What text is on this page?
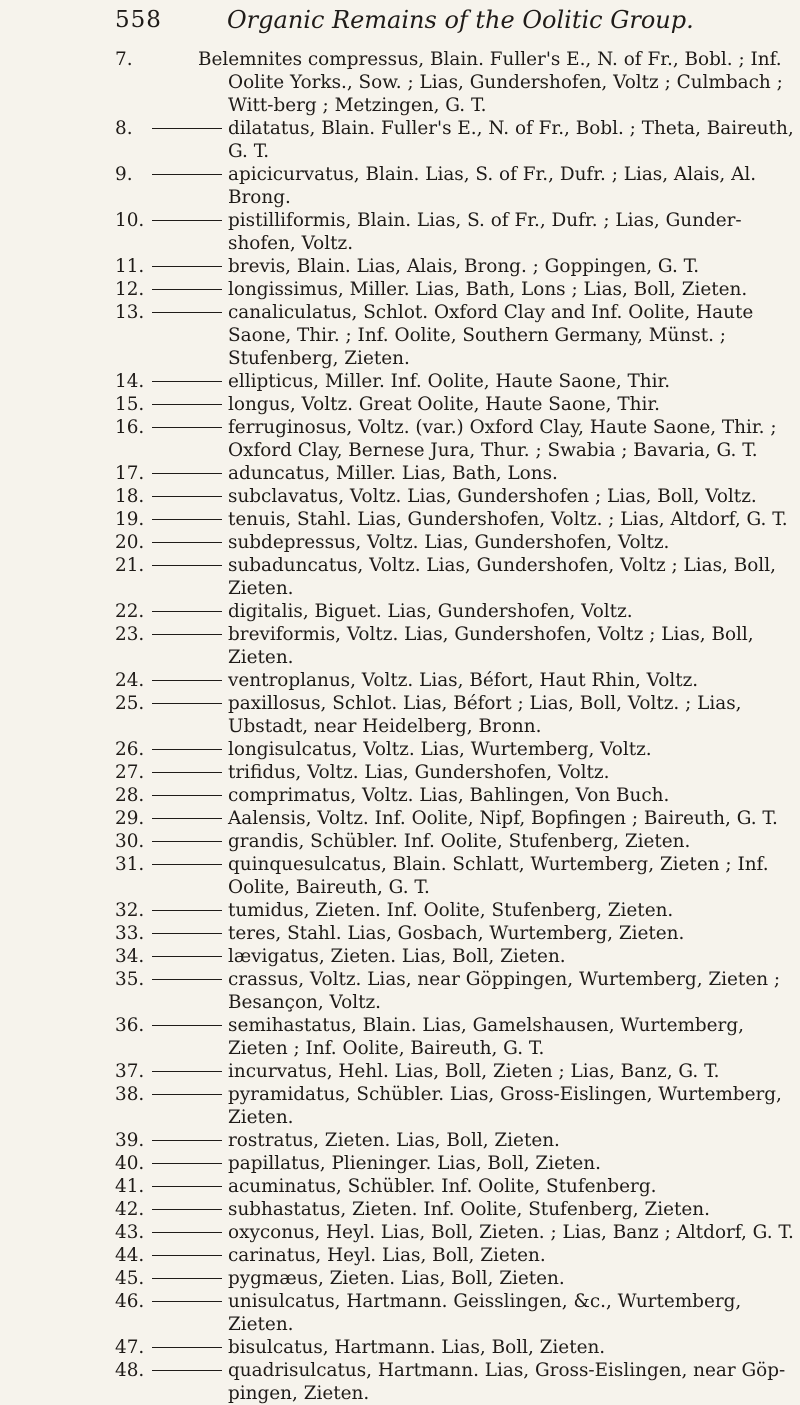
558	Organic Remains of the Oolitic Group.
7.	Belemnites compressus, Blain. Fuller's E., N. of Fr., Bobl. ; Inf. Oolite Yorks., Sow. ; Lias, Gundershofen, Voltz ; Culmbach ; Witt-berg ; Metzingen, G. T.
8.	dilatatus, Blain. Fuller's E., N. of Fr., Bobl. ; Theta, Baireuth, G. T.
9.	apicicurvatus, Blain. Lias, S. of Fr., Dufr. ; Lias, Alais, Al. Brong.
10.	pistilliformis, Blain. Lias, S. of Fr., Dufr. ; Lias, Gunder-shofen, Voltz.
11.	brevis, Blain. Lias, Alais, Brong. ; Goppingen, G. T.
12.	longissimus, Miller. Lias, Bath, Lons ; Lias, Boll, Zieten.
13.	canaliculatus, Schlot. Oxford Clay and Inf. Oolite, Haute Saone, Thir. ; Inf. Oolite, Southern Germany, Münst. ; Stufenberg, Zieten.
14.	ellipticus, Miller. Inf. Oolite, Haute Saone, Thir.
15.	longus, Voltz. Great Oolite, Haute Saone, Thir.
16.	ferruginosus, Voltz. (var.) Oxford Clay, Haute Saone, Thir. ; Oxford Clay, Bernese Jura, Thur. ; Swabia ; Bavaria, G. T.
17.	aduncatus, Miller. Lias, Bath, Lons.
18.	subclavatus, Voltz. Lias, Gundershofen ; Lias, Boll, Voltz.
19.	tenuis, Stahl. Lias, Gundershofen, Voltz. ; Lias, Altdorf, G. T.
20.	subdepressus, Voltz. Lias, Gundershofen, Voltz.
21.	subaduncatus, Voltz. Lias, Gundershofen, Voltz ; Lias, Boll, Zieten.
22.	digitalis, Biguet. Lias, Gundershofen, Voltz.
23.	breviformis, Voltz. Lias, Gundershofen, Voltz ; Lias, Boll, Zieten.
24.	ventroplanus, Voltz. Lias, Béfort, Haut Rhin, Voltz.
25.	paxillosus, Schlot. Lias, Béfort ; Lias, Boll, Voltz. ; Lias, Ubstadt, near Heidelberg, Bronn.
26.	longisulcatus, Voltz. Lias, Wurtemberg, Voltz.
27.	trifidus, Voltz. Lias, Gundershofen, Voltz.
28.	comprimatus, Voltz. Lias, Bahlingen, Von Buch.
29.	Aalensis, Voltz. Inf. Oolite, Nipf, Bopfingen ; Baireuth, G. T.
30.	grandis, Schübler. Inf. Oolite, Stufenberg, Zieten.
31.	quinquesulcatus, Blain. Schlatt, Wurtemberg, Zieten ; Inf. Oolite, Baireuth, G. T.
32.	tumidus, Zieten. Inf. Oolite, Stufenberg, Zieten.
33.	teres, Stahl. Lias, Gosbach, Wurtemberg, Zieten.
34.	lævigatus, Zieten. Lias, Boll, Zieten.
35.	crassus, Voltz. Lias, near Göppingen, Wurtemberg, Zieten ; Besançon, Voltz.
36.	semihastatus, Blain. Lias, Gamelshausen, Wurtemberg, Zieten ; Inf. Oolite, Baireuth, G. T.
37.	incurvatus, Hehl. Lias, Boll, Zieten ; Lias, Banz, G. T.
38.	pyramidatus, Schübler. Lias, Gross-Eislingen, Wurtemberg, Zieten.
39.	rostratus, Zieten. Lias, Boll, Zieten.
40.	papillatus, Plieninger. Lias, Boll, Zieten.
41.	acuminatus, Schübler. Inf. Oolite, Stufenberg.
42.	subhastatus, Zieten. Inf. Oolite, Stufenberg, Zieten.
43.	oxyconus, Heyl. Lias, Boll, Zieten. ; Lias, Banz ; Altdorf, G. T.
44.	carinatus, Heyl. Lias, Boll, Zieten.
45.	pygmæus, Zieten. Lias, Boll, Zieten.
46.	unisulcatus, Hartmann. Geisslingen, &c., Wurtemberg, Zieten.
47.	bisulcatus, Hartmann. Lias, Boll, Zieten.
48.	quadrisulcatus, Hartmann. Lias, Gross-Eislingen, near Göp-pingen, Zieten.
